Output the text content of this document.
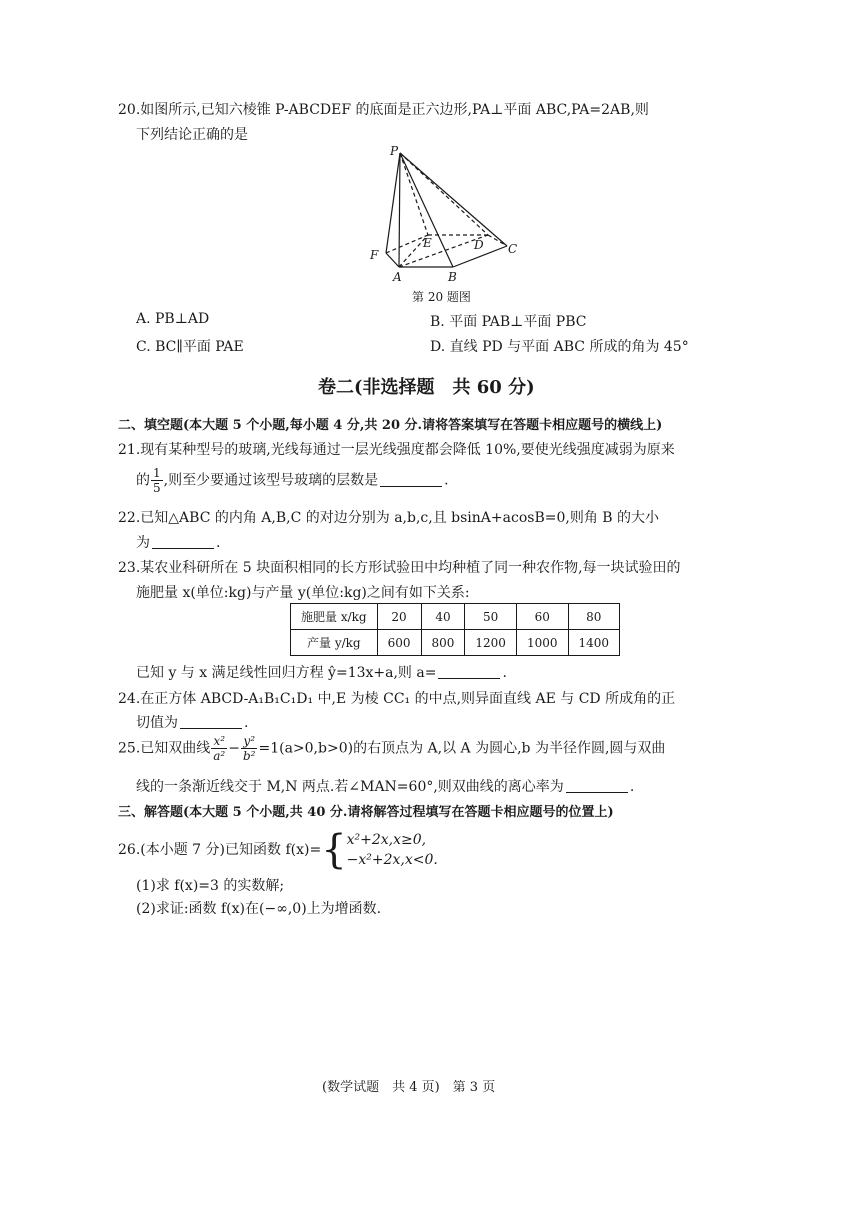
20.如图所示,已知六棱锥 P-ABCDEF 的底面是正六边形,PA⊥平面 ABC,PA=2AB,则
下列结论正确的是
P
F
A	B
C
D
E
第 20 题图
A. PB⊥AD	B. 平面 PAB⊥平面 PBC
C. BC∥平面 PAE	D. 直线 PD 与平面 ABC 所成的角为 45°
卷二(非选择题　共 60 分)
二、填空题(本大题 5 个小题,每小题 4 分,共 20 分.请将答案填写在答题卡相应题号的横线上)
21.现有某种型号的玻璃,光线每通过一层光线强度都会降低 10%,要使光线强度减弱为原来
的 $\frac{1}{5}$ ,则至少要通过该型号玻璃的层数是	.
22.已知△ABC 的内角 A,B,C 的对边分别为 a,b,c,且 bsinA+acosB=0,则角 B 的大小
为	.
23.某农业科研所在 5 块面积相同的长方形试验田中均种植了同一种农作物,每一块试验田的
施肥量 x(单位:kg)与产量 y(单位:kg)之间有如下关系:
施肥量 x/kg	20	40	50	60	80
产量 y/kg	600	800	1200	1000	1400
已知 y 与 x 满足线性回归方程 ŷ=13x+a,则 a=	.
24.在正方体 ABCD-A₁B₁C₁D₁ 中,E 为棱 CC₁ 的中点,则异面直线 AE 与 CD 所成角的正
切值为	.
25.已知双曲线 $\frac{\text{x²}}{\text{a²}} - \frac{\text{y²}}{\text{b²}} =1(a>0,b>0)$的右顶点为 A,以 A 为圆心,b 为半径作圆,圆与双曲
线的一条渐近线交于 M,N 两点.若∠MAN=60°,则双曲线的离心率为	.
三、解答题(本大题 5 个小题,共 40 分.请将解答过程填写在答题卡相应题号的位置上)
26.(本小题 7 分)已知函数 f(x)={ x²+2x,x≥0,
−x²+2x,x<0.
(1)求 f(x)=3 的实数解;
(2)求证:函数 f(x)在(−∞,0)上为增函数.
(数学试题　共 4 页)　第 3 页
